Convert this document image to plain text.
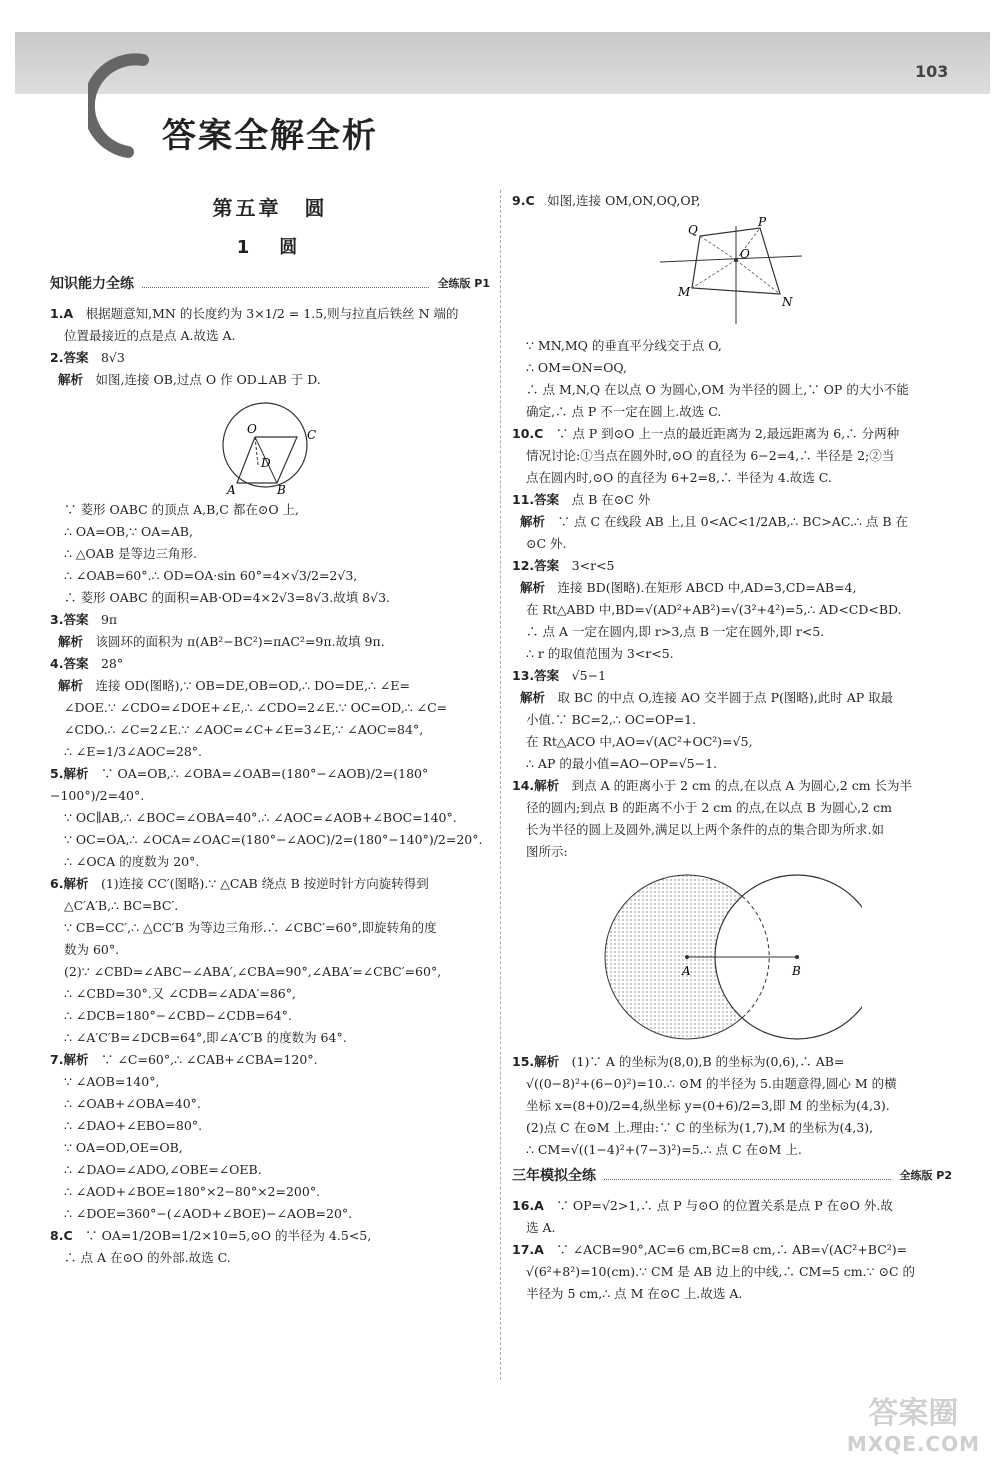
103
答案全解全析
第五章　圆
1　圆
知识能力全练	全练版 P1
1.A　 根据题意知,MN 的长度约为 3×1/2 = 1.5,则与拉直后铁丝 N 端的
位置最接近的点是点 A.故选 A.
2.答案　 8√3
解析　 如图,连接 OB,过点 O 作 OD⊥AB 于 D.
O	C
D
A	B
∵ 菱形 OABC 的顶点 A,B,C 都在⊙O 上,
∴ OA=OB,∵ OA=AB,
∴ △OAB 是等边三角形.
∴ ∠OAB=60°.∴ OD=OA·sin 60°=4×√3/2=2√3,
∴ 菱形 OABC 的面积=AB·OD=4×2√3=8√3.故填 8√3.
3.答案　 9π
解析　 该圆环的面积为 π(AB²−BC²)=πAC²=9π.故填 9π.
4.答案　 28°
解析　 连接 OD(图略),∵ OB=DE,OB=OD,∴ DO=DE,∴ ∠E=
∠DOE.∵ ∠CDO=∠DOE+∠E,∴ ∠CDO=2∠E.∵ OC=OD,∴ ∠C=
∠CDO.∴ ∠C=2∠E.∵ ∠AOC=∠C+∠E=3∠E,∵ ∠AOC=84°,
∴ ∠E=1/3∠AOC=28°.
5.解析　 ∵ OA=OB,∴ ∠OBA=∠OAB=(180°−∠AOB)/2=(180°−100°)/2=40°.
∵ OC∥AB,∴ ∠BOC=∠OBA=40°.∴ ∠AOC=∠AOB+∠BOC=140°.
∵ OC=OA,∴ ∠OCA=∠OAC=(180°−∠AOC)/2=(180°−140°)/2=20°.
∴ ∠OCA 的度数为 20°.
6.解析　 (1)连接 CC′(图略).∵ △CAB 绕点 B 按逆时针方向旋转得到
△C′A′B,∴ BC=BC′.
∵ CB=CC′,∴ △CC′B 为等边三角形.∴ ∠CBC′=60°,即旋转角的度
数为 60°.
(2)∵ ∠CBD=∠ABC−∠ABA′,∠CBA=90°,∠ABA′=∠CBC′=60°,
∴ ∠CBD=30°.又 ∠CDB=∠ADA′=86°,
∴ ∠DCB=180°−∠CBD−∠CDB=64°.
∴ ∠A′C′B=∠DCB=64°,即∠A′C′B 的度数为 64°.
7.解析　 ∵ ∠C=60°,∴ ∠CAB+∠CBA=120°.
∵ ∠AOB=140°,
∴ ∠OAB+∠OBA=40°.
∴ ∠DAO+∠EBO=80°.
∵ OA=OD,OE=OB,
∴ ∠DAO=∠ADO,∠OBE=∠OEB.
∴ ∠AOD+∠BOE=180°×2−80°×2=200°.
∴ ∠DOE=360°−(∠AOD+∠BOE)−∠AOB=20°.
8.C　 ∵ OA=1/2OB=1/2×10=5,⊙O 的半径为 4.5<5,
∴ 点 A 在⊙O 的外部.故选 C.
9.C　 如图,连接 OM,ON,OQ,OP,
Q
P
O
M
N
∵ MN,MQ 的垂直平分线交于点 O,
∴ OM=ON=OQ,
∴ 点 M,N,Q 在以点 O 为圆心,OM 为半径的圆上,∵ OP 的大小不能
确定,∴ 点 P 不一定在圆上.故选 C.
10.C　 ∵ 点 P 到⊙O 上一点的最近距离为 2,最远距离为 6,∴ 分两种
情况讨论:①当点在圆外时,⊙O 的直径为 6−2=4,∴ 半径是 2;②当
点在圆内时,⊙O 的直径为 6+2=8,∴ 半径为 4.故选 C.
11.答案　 点 B 在⊙C 外
解析　 ∵ 点 C 在线段 AB 上,且 0<AC<1/2AB,∴ BC>AC.∴ 点 B 在
⊙C 外.
12.答案　 3<r<5
解析　 连接 BD(图略).在矩形 ABCD 中,AD=3,CD=AB=4,
在 Rt△ABD 中,BD=√(AD²+AB²)=√(3²+4²)=5,∴ AD<CD<BD.
∴ 点 A 一定在圆内,即 r>3,点 B 一定在圆外,即 r<5.
∴ r 的取值范围为 3<r<5.
13.答案　 √5−1
解析　 取 BC 的中点 O,连接 AO 交半圆于点 P(图略),此时 AP 取最
小值.∵ BC=2,∴ OC=OP=1.
在 Rt△ACO 中,AO=√(AC²+OC²)=√5,
∴ AP 的最小值=AO−OP=√5−1.
14.解析　 到点 A 的距离小于 2 cm 的点,在以点 A 为圆心,2 cm 长为半
径的圆内;到点 B 的距离不小于 2 cm 的点,在以点 B 为圆心,2 cm
长为半径的圆上及圆外,满足以上两个条件的点的集合即为所求.如
图所示:
A	B
15.解析　 (1)∵ A 的坐标为(8,0),B 的坐标为(0,6),∴ AB=
√((0−8)²+(6−0)²)=10.∴ ⊙M 的半径为 5.由题意得,圆心 M 的横
坐标 x=(8+0)/2=4,纵坐标 y=(0+6)/2=3,即 M 的坐标为(4,3).
(2)点 C 在⊙M 上.理由:∵ C 的坐标为(1,7),M 的坐标为(4,3),
∴ CM=√((1−4)²+(7−3)²)=5.∴ 点 C 在⊙M 上.
三年模拟全练	全练版 P2
16.A　 ∵ OP=√2>1,∴ 点 P 与⊙O 的位置关系是点 P 在⊙O 外.故
选 A.
17.A　 ∵ ∠ACB=90°,AC=6 cm,BC=8 cm,∴ AB=√(AC²+BC²)=
√(6²+8²)=10(cm).∵ CM 是 AB 边上的中线,∴ CM=5 cm.∵ ⊙C 的
半径为 5 cm,∴ 点 M 在⊙C 上.故选 A.
答案圈
MXQE.COM
